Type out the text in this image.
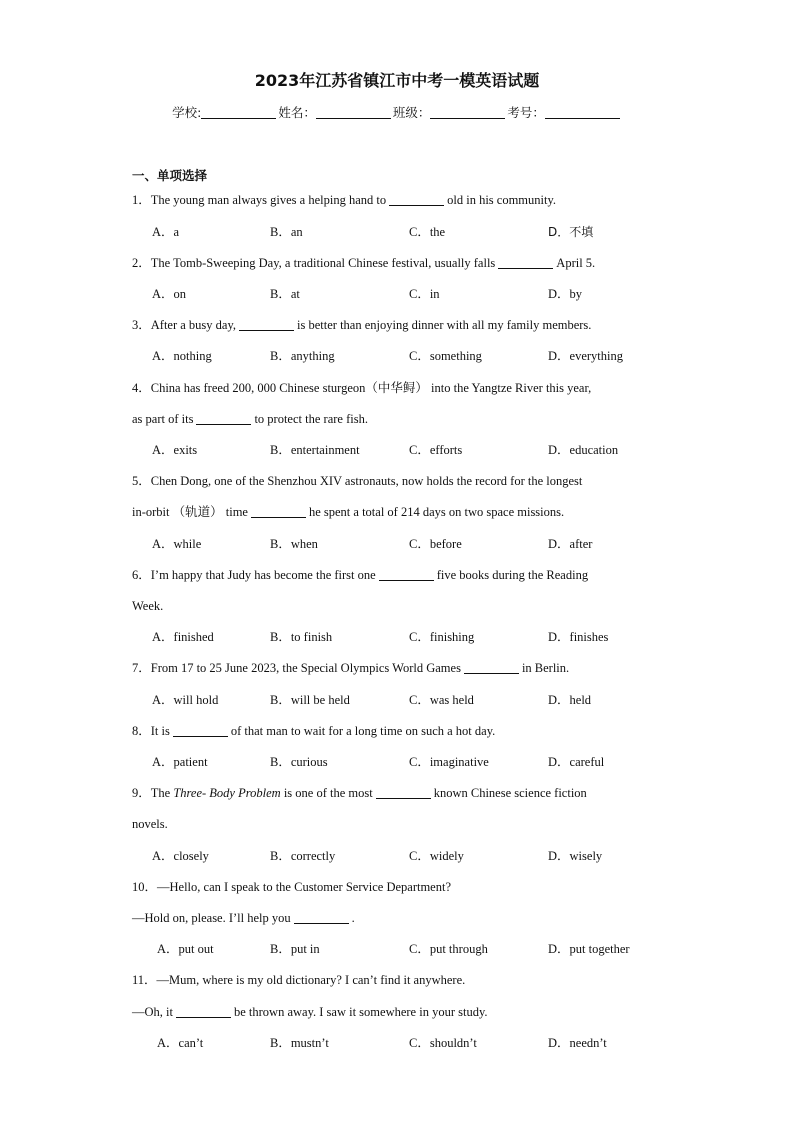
2023年江苏省镇江市中考一模英语试题
学校:	姓名：	班级：	考号：
一、单项选择
1．The young man always gives a helping hand to	old in his community.
A．a	B．an	C．the	D．不填
2．The Tomb-Sweeping Day, a traditional Chinese festival, usually falls	April 5.
A．on	B．at	C．in	D．by
3．After a busy day,	is better than enjoying dinner with all my family members.
A．nothing	B．anything	C．something	D．everything
4．China has freed 200, 000 Chinese sturgeon（中华鲟） into the Yangtze River this year,
as part of its	to protect the rare fish.
A．exits	B．entertainment	C．efforts	D．education
5．Chen Dong, one of the Shenzhou XIV astronauts, now holds the record for the longest
in-orbit （轨道） time	he spent a total of 214 days on two space missions.
A．while	B．when	C．before	D．after
6．I’m happy that Judy has become the first one	five books during the Reading
Week.
A．finished	B．to finish	C．finishing	D．finishes
7．From 17 to 25 June 2023, the Special Olympics World Games	in Berlin.
A．will hold	B．will be held	C．was held	D．held
8．It is	of that man to wait for a long time on such a hot day.
A．patient	B．curious	C．imaginative	D．careful
9．The Three- Body Problem is one of the most	known Chinese science fiction
novels.
A．closely	B．correctly	C．widely	D．wisely
10．—Hello, can I speak to the Customer Service Department?
—Hold on, please. I’ll help you	.
A．put out	B．put in	C．put through	D．put together
11．—Mum, where is my old dictionary? I can’t find it anywhere.
—Oh, it	be thrown away. I saw it somewhere in your study.
A．can’t	B．mustn’t	C．shouldn’t	D．needn’t
